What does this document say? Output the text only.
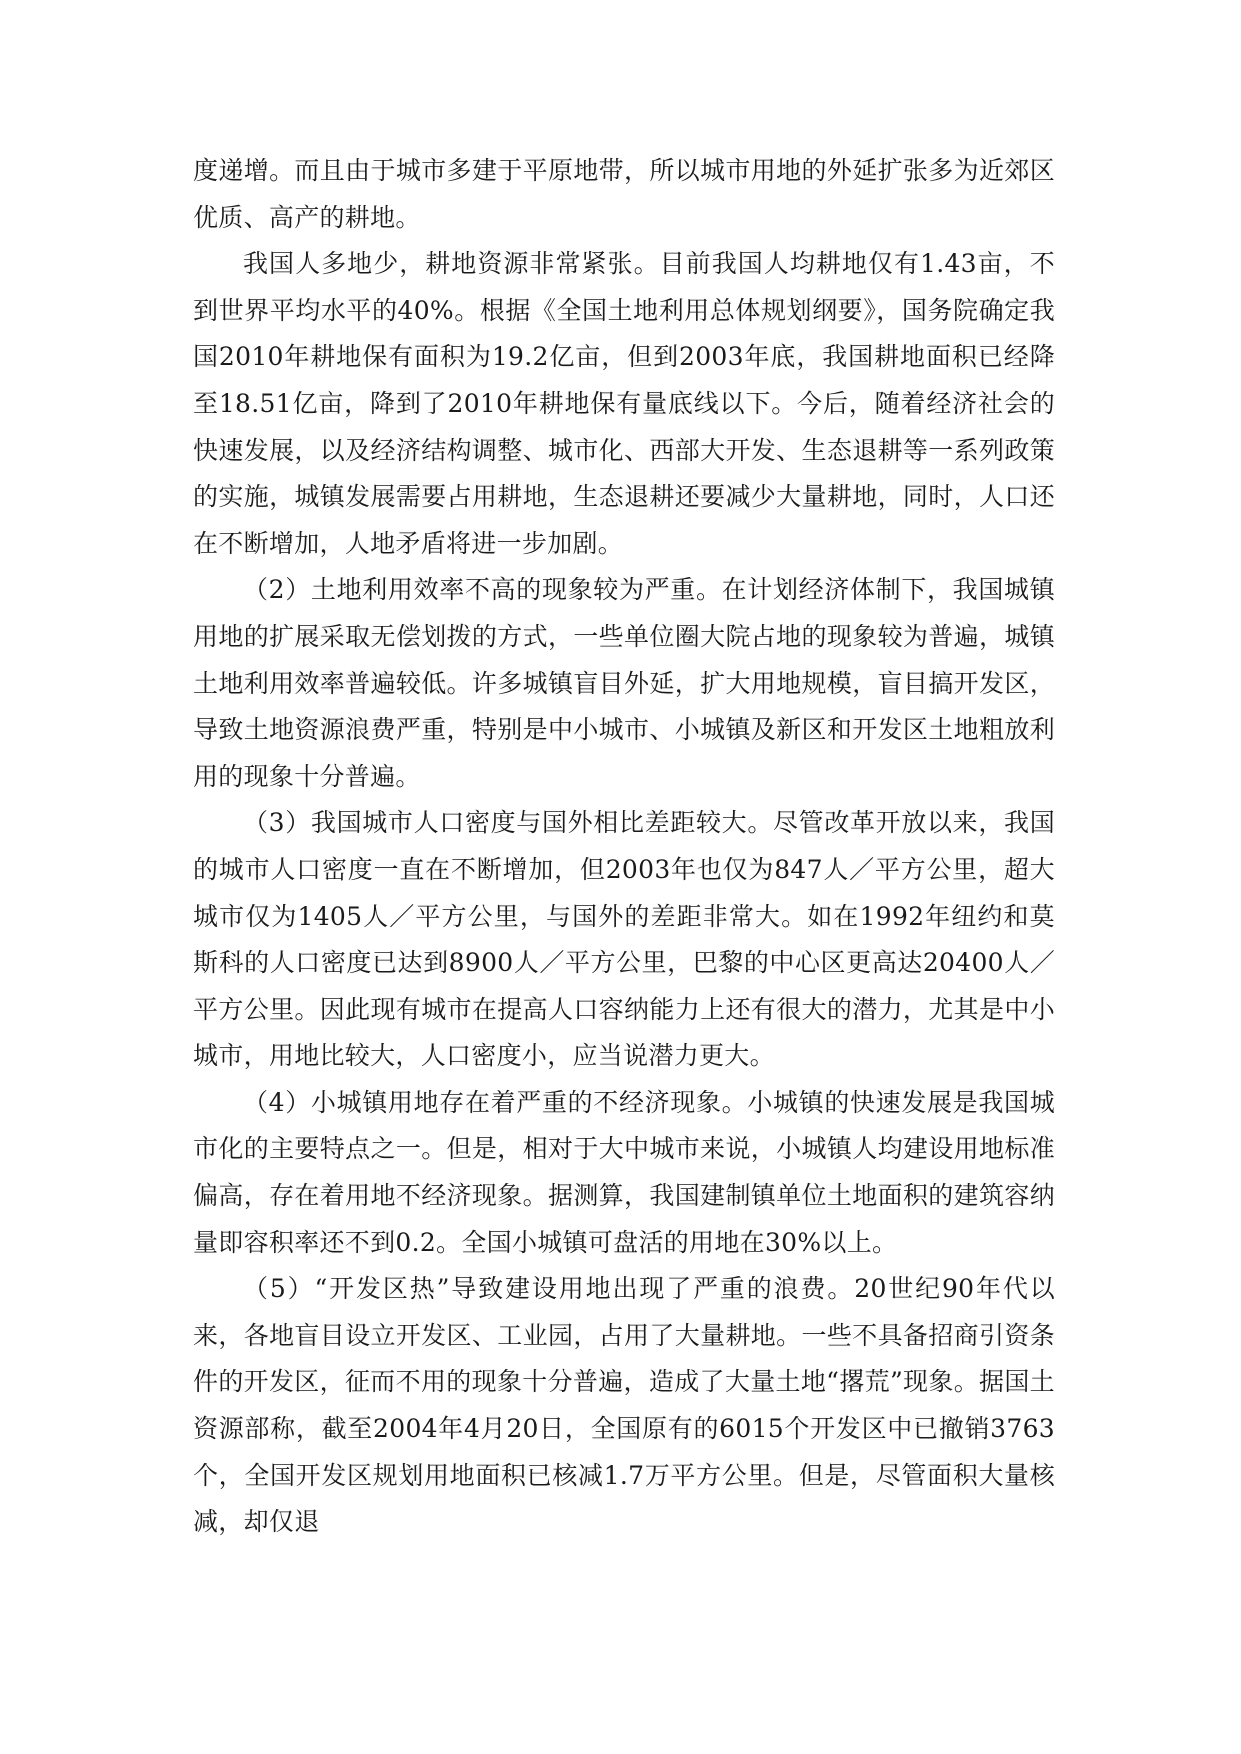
度递增。而且由于城市多建于平原地带，所以城市用地的外延扩张多为近郊区优质、高产的耕地。

我国人多地少，耕地资源非常紧张。目前我国人均耕地仅有1.43亩，不到世界平均水平的40%。根据《全国土地利用总体规划纲要》，国务院确定我国2010年耕地保有面积为19.2亿亩，但到2003年底，我国耕地面积已经降至18.51亿亩，降到了2010年耕地保有量底线以下。今后，随着经济社会的快速发展，以及经济结构调整、城市化、西部大开发、生态退耕等一系列政策的实施，城镇发展需要占用耕地，生态退耕还要减少大量耕地，同时，人口还在不断增加，人地矛盾将进一步加剧。

（2）土地利用效率不高的现象较为严重。在计划经济体制下，我国城镇用地的扩展采取无偿划拨的方式，一些单位圈大院占地的现象较为普遍，城镇土地利用效率普遍较低。许多城镇盲目外延，扩大用地规模，盲目搞开发区，导致土地资源浪费严重，特别是中小城市、小城镇及新区和开发区土地粗放利用的现象十分普遍。

（3）我国城市人口密度与国外相比差距较大。尽管改革开放以来，我国的城市人口密度一直在不断增加，但2003年也仅为847人／平方公里，超大城市仅为1405人／平方公里，与国外的差距非常大。如在1992年纽约和莫斯科的人口密度已达到8900人／平方公里，巴黎的中心区更高达20400人／平方公里。因此现有城市在提高人口容纳能力上还有很大的潜力，尤其是中小城市，用地比较大，人口密度小，应当说潜力更大。

（4）小城镇用地存在着严重的不经济现象。小城镇的快速发展是我国城市化的主要特点之一。但是，相对于大中城市来说，小城镇人均建设用地标准偏高，存在着用地不经济现象。据测算，我国建制镇单位土地面积的建筑容纳量即容积率还不到0.2。全国小城镇可盘活的用地在30%以上。

（5）“开发区热”导致建设用地出现了严重的浪费。20世纪90年代以来，各地盲目设立开发区、工业园，占用了大量耕地。一些不具备招商引资条件的开发区，征而不用的现象十分普遍，造成了大量土地“撂荒”现象。据国土资源部称，截至2004年4月20日，全国原有的6015个开发区中已撤销3763个，全国开发区规划用地面积已核减1.7万平方公里。但是，尽管面积大量核减，却仅退
